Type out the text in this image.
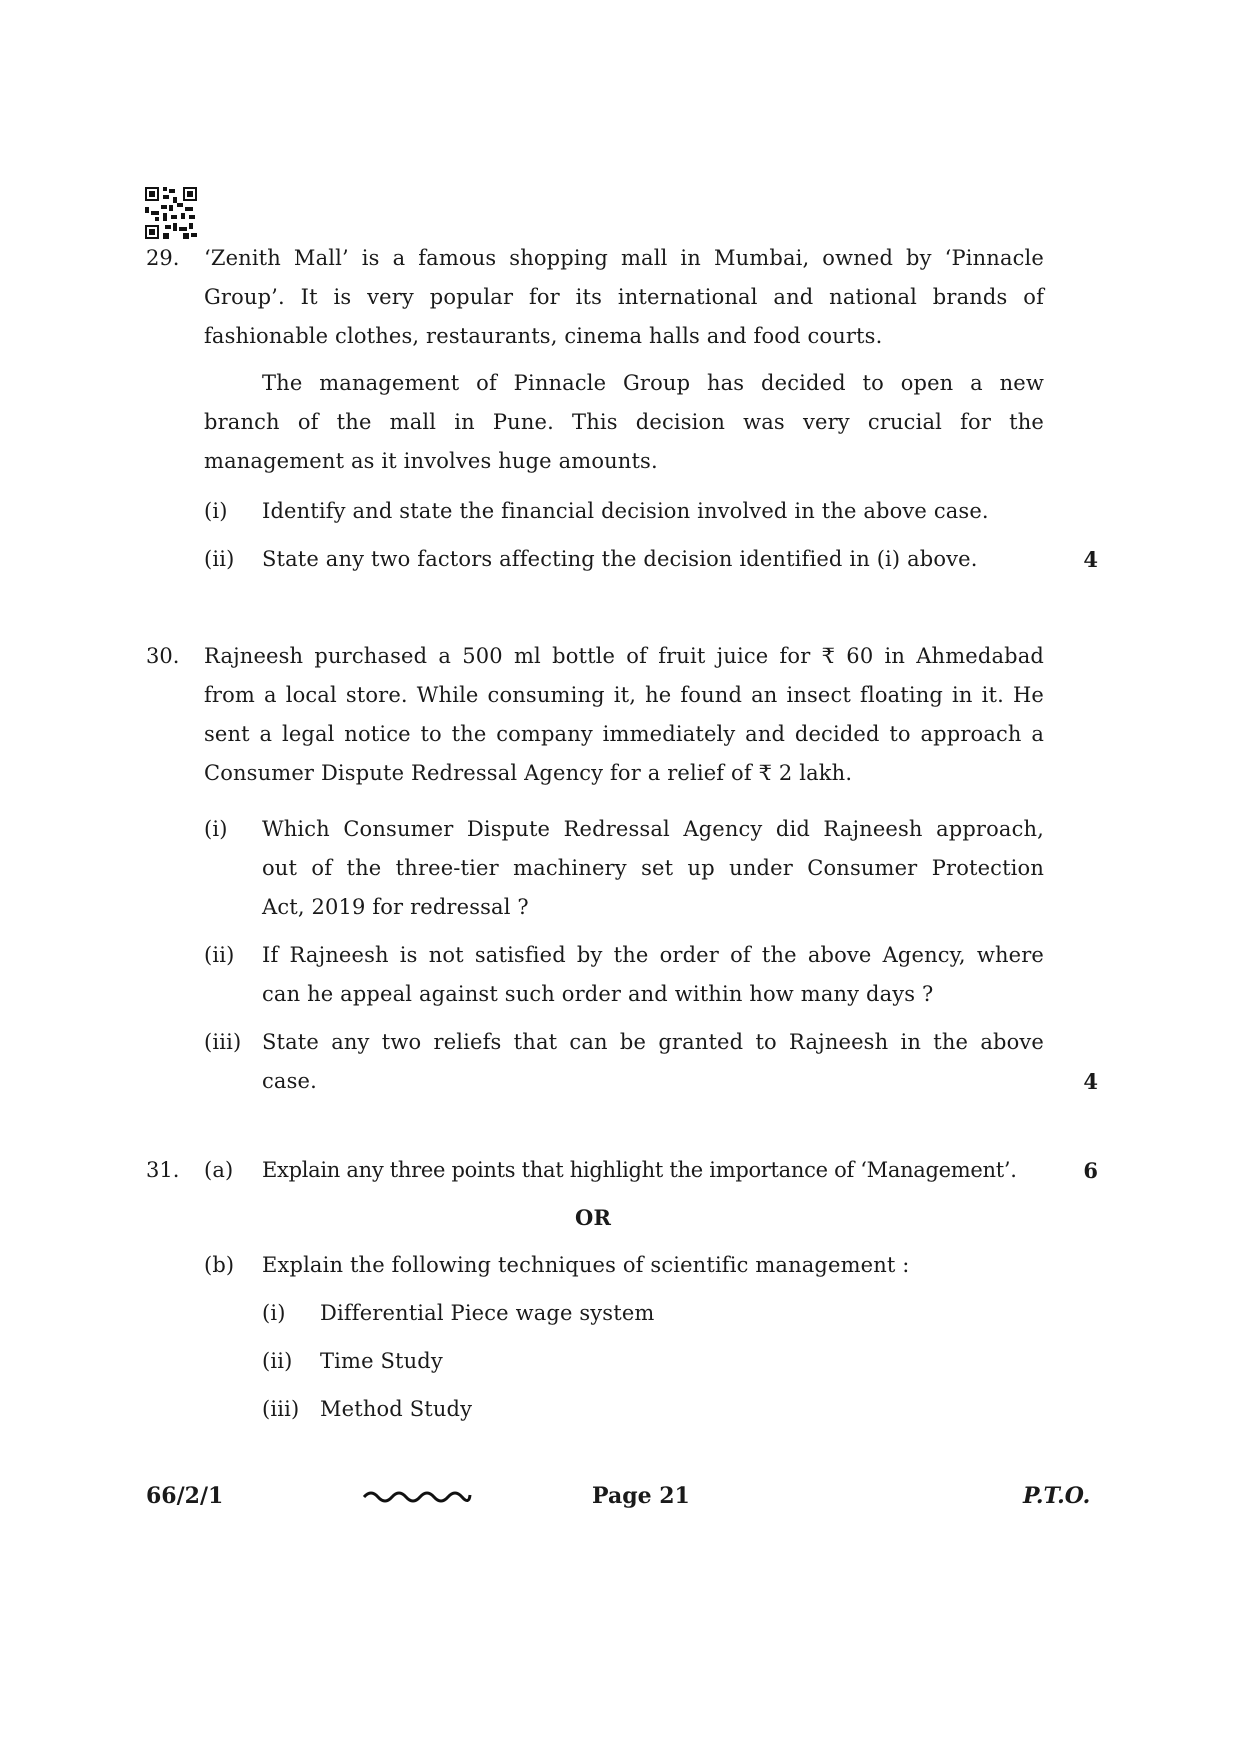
29. ‘Zenith Mall’ is a famous shopping mall in Mumbai, owned by ‘Pinnacle
Group’. It is very popular for its international and national brands of
fashionable clothes, restaurants, cinema halls and food courts.
The management of Pinnacle Group has decided to open a new
branch of the mall in Pune. This decision was very crucial for the
management as it involves huge amounts.
(i) Identify and state the financial decision involved in the above case.
(ii) State any two factors affecting the decision identified in (i) above.	4
30. Rajneesh purchased a 500 ml bottle of fruit juice for ₹ 60 in Ahmedabad
from a local store. While consuming it, he found an insect floating in it. He
sent a legal notice to the company immediately and decided to approach a
Consumer Dispute Redressal Agency for a relief of ₹ 2 lakh.
(i) Which Consumer Dispute Redressal Agency did Rajneesh approach,
out of the three-tier machinery set up under Consumer Protection
Act, 2019 for redressal ?
(ii) If Rajneesh is not satisfied by the order of the above Agency, where
can he appeal against such order and within how many days ?
(iii) State any two reliefs that can be granted to Rajneesh in the above
case.	4
31. (a) Explain any three points that highlight the importance of ‘Management’.	6
OR
(b) Explain the following techniques of scientific management :
(i) Differential Piece wage system
(ii) Time Study
(iii) Method Study
66/2/1	Page 21	P.T.O.
